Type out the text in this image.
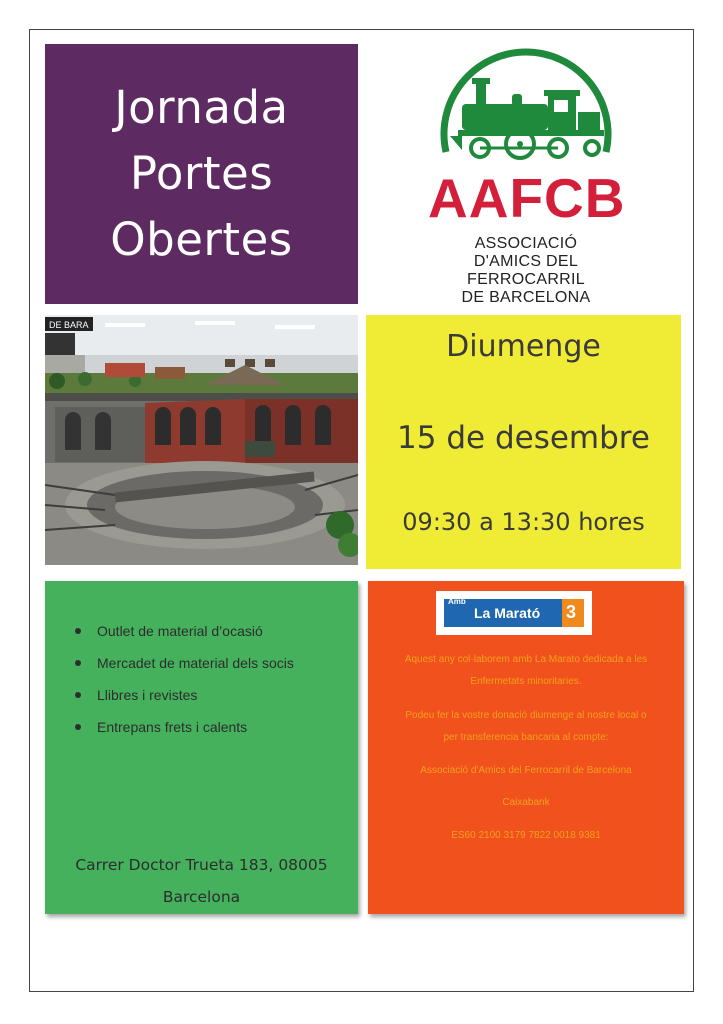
Jornada
Portes
Obertes
AAFCB
ASSOCIACIÓ
D'AMICS DEL
FERROCARRIL
DE BARCELONA
DE BARA
Diumenge
15 de desembre
09:30 a 13:30 hores
Outlet de material d’ocasió
Mercadet de material dels socis
Llibres i revistes
Entrepans frets i calents
Carrer Doctor Trueta 183, 08005
Barcelona
Amb
La Marató 3
Aquest any col·laborem amb La Marato dedicada a les
Enfermetats minoritaries.
Podeu fer la vostre donació diumenge al nostre local o
per transferencia bancaria al compte:
Associació d'Amics del Ferrocarril de Barcelona
Caixabank
ES60 2100 3179 7822 0018 9381
